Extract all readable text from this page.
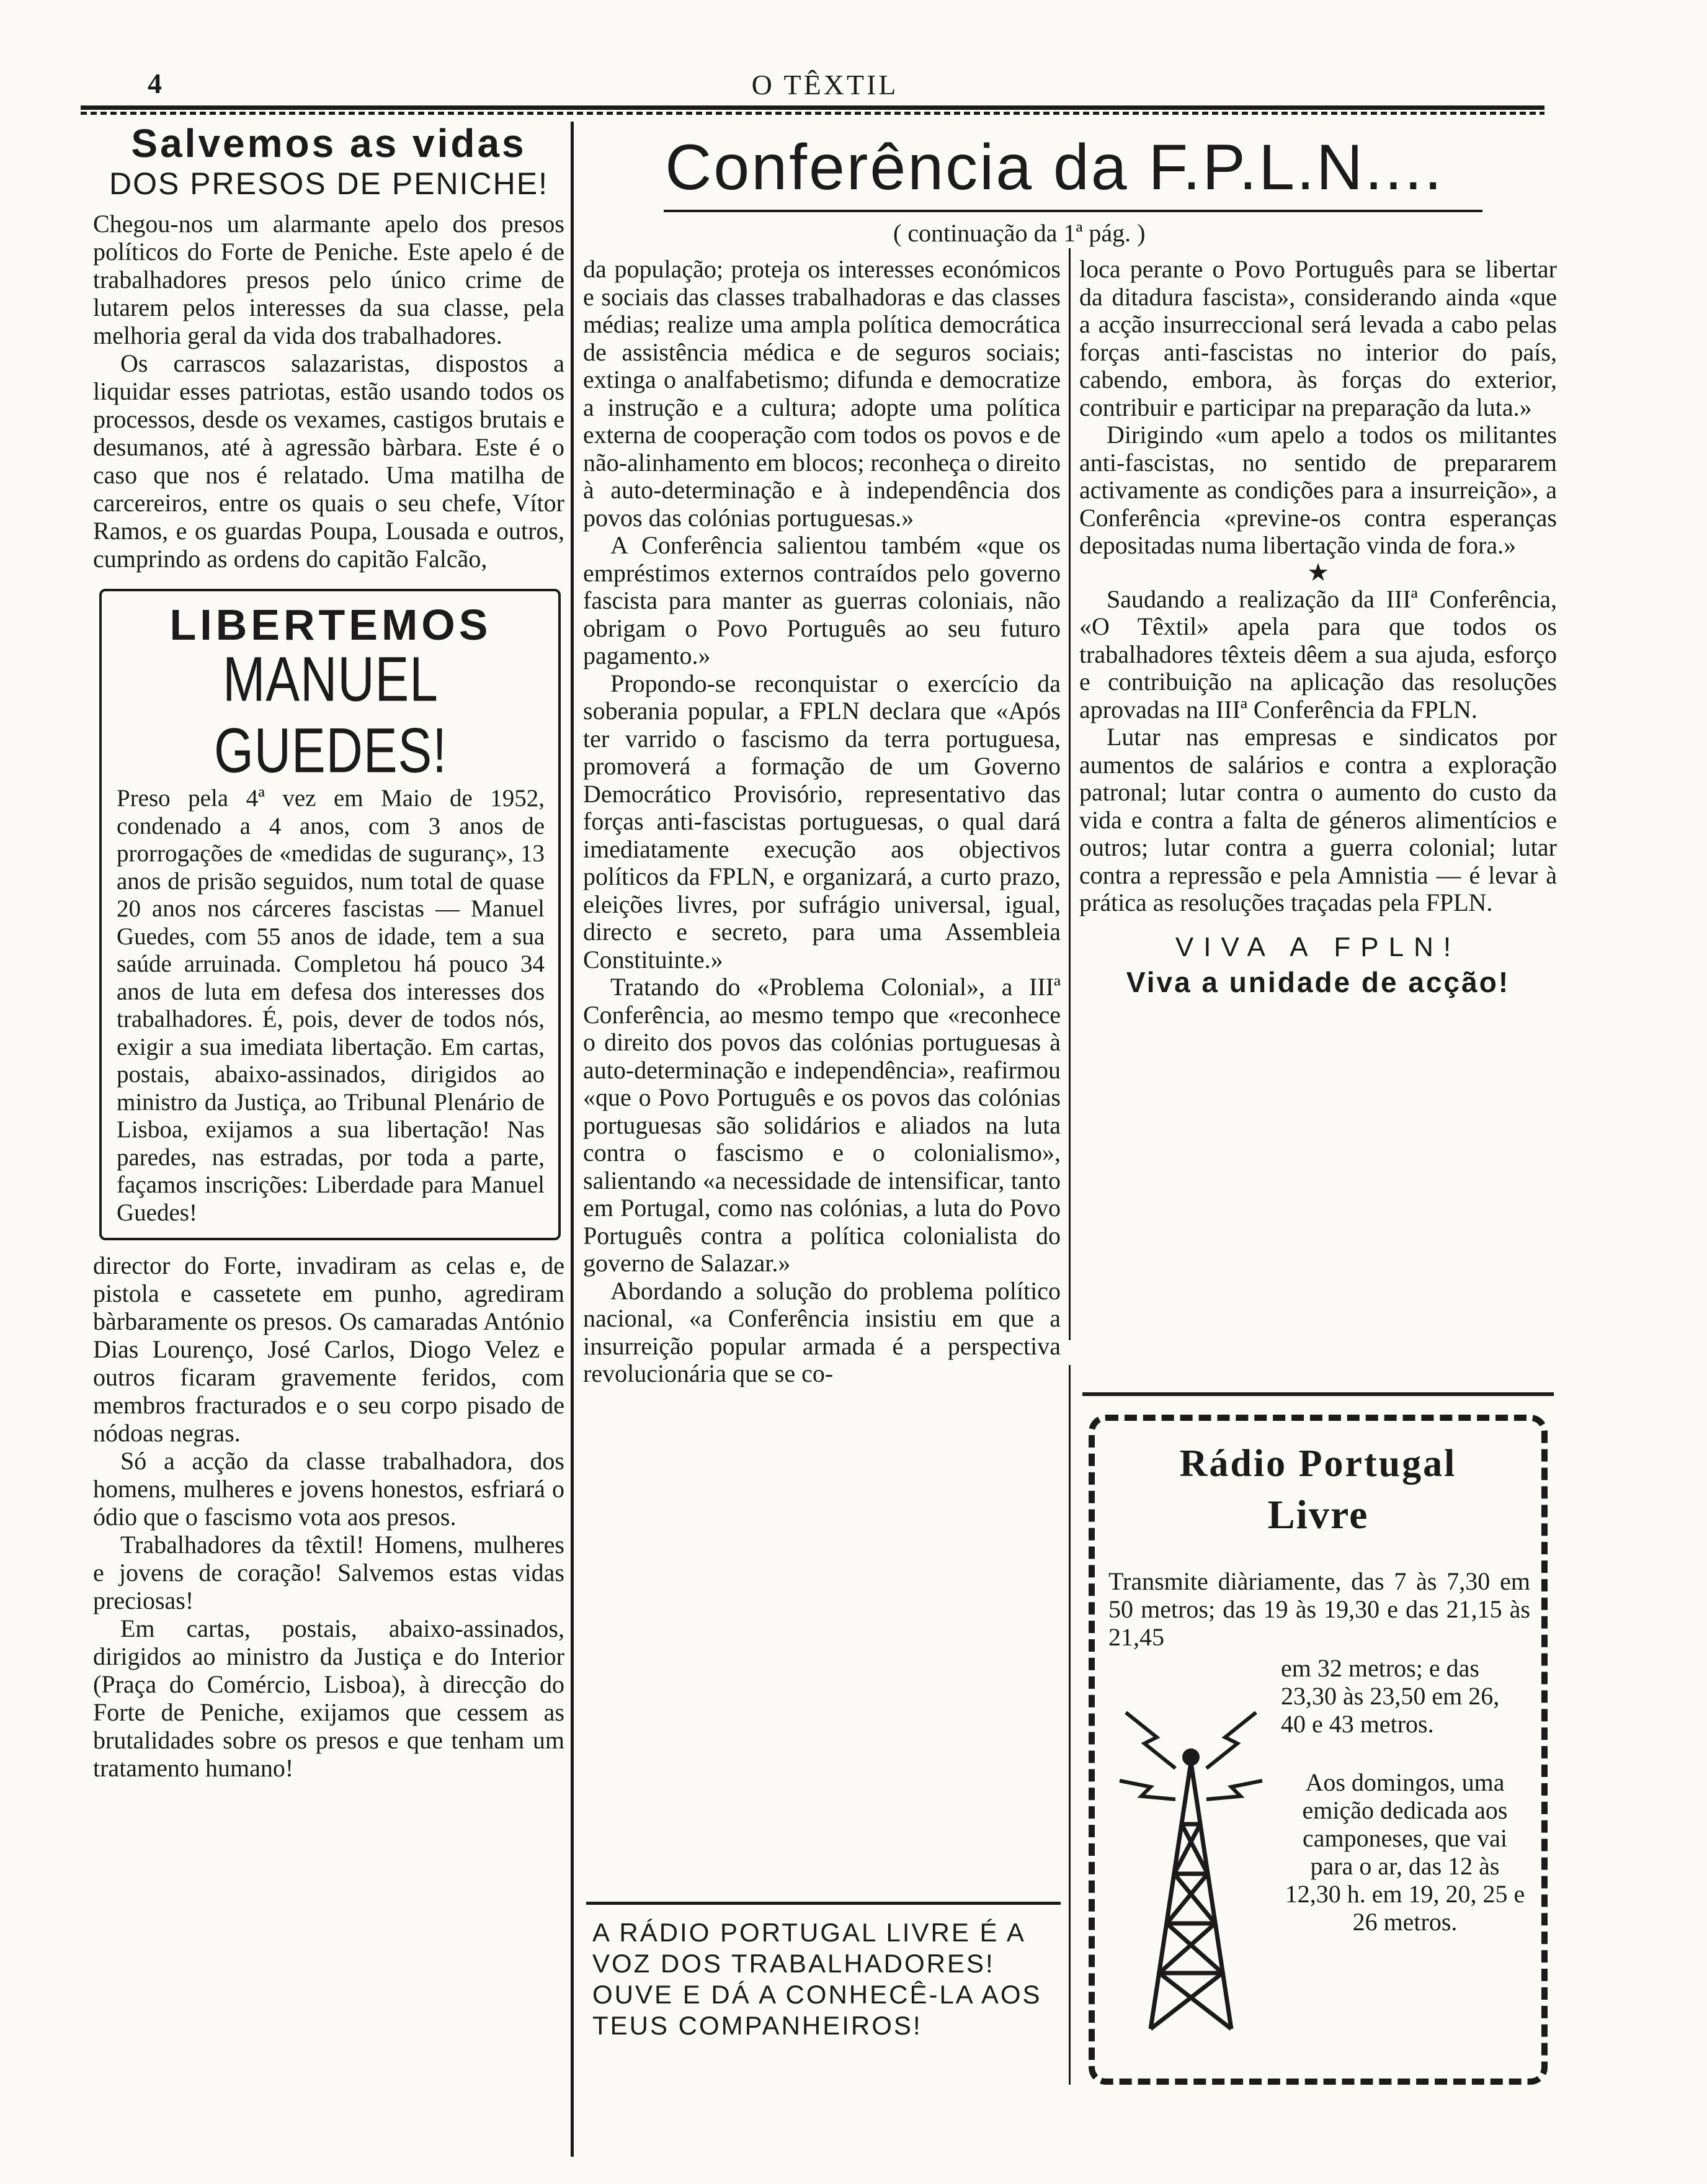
4	O TÊXTIL
Salvemos as vidas
DOS PRESOS DE PENICHE!

Chegou-nos um alarmante apelo dos presos políticos do Forte de Peniche. Este apelo é de trabalhadores presos pelo único crime de lutarem pelos interesses da sua classe, pela melhoria geral da vida dos trabalhadores.

Os carrascos salazaristas, dispostos a liquidar esses patriotas, estão usando todos os processos, desde os vexames, castigos brutais e desumanos, até à agressão bàrbara. Este é o caso que nos é relatado. Uma matilha de carcereiros, entre os quais o seu chefe, Vítor Ramos, e os guardas Poupa, Lousada e outros, cumprindo as ordens do capitão Falcão,

LIBERTEMOS
MANUEL GUEDES!

Preso pela 4ª vez em Maio de 1952, condenado a 4 anos, com 3 anos de prorrogações de «medidas de suguranç», 13 anos de prisão seguidos, num total de quase 20 anos nos cárceres fascistas — Manuel Guedes, com 55 anos de idade, tem a sua saúde arruinada. Completou há pouco 34 anos de luta em defesa dos interesses dos trabalhadores. É, pois, dever de todos nós, exigir a sua imediata libertação. Em cartas, postais, abaixo-assinados, dirigidos ao ministro da Justiça, ao Tribunal Plenário de Lisboa, exijamos a sua libertação! Nas paredes, nas estradas, por toda a parte, façamos inscrições: Liberdade para Manuel Guedes!

director do Forte, invadiram as celas e, de pistola e cassetete em punho, agrediram bàrbaramente os presos. Os camaradas António Dias Lourenço, José Carlos, Diogo Velez e outros ficaram gravemente feridos, com membros fracturados e o seu corpo pisado de nódoas negras.

Só a acção da classe trabalhadora, dos homens, mulheres e jovens honestos, esfriará o ódio que o fascismo vota aos presos.

Trabalhadores da têxtil! Homens, mulheres e jovens de coração! Salvemos estas vidas preciosas!

Em cartas, postais, abaixo-assinados, dirigidos ao ministro da Justiça e do Interior (Praça do Comércio, Lisboa), à direcção do Forte de Peniche, exijamos que cessem as brutalidades sobre os presos e que tenham um tratamento humano!

Conferência da F.P.L.N....
( continuação da 1ª pág. )

da população; proteja os interesses económicos e sociais das classes trabalhadoras e das classes médias; realize uma ampla política democrática de assistência médica e de seguros sociais; extinga o analfabetismo; difunda e democratize a instrução e a cultura; adopte uma política externa de cooperação com todos os povos e de não-alinhamento em blocos; reconheça o direito à auto-determinação e à independência dos povos das colónias portuguesas.»

A Conferência salientou também «que os empréstimos externos contraídos pelo governo fascista para manter as guerras coloniais, não obrigam o Povo Português ao seu futuro pagamento.»

Propondo-se reconquistar o exercício da soberania popular, a FPLN declara que «Após ter varrido o fascismo da terra portuguesa, promoverá a formação de um Governo Democrático Provisório, representativo das forças anti-fascistas portuguesas, o qual dará imediatamente execução aos objectivos políticos da FPLN, e organizará, a curto prazo, eleições livres, por sufrágio universal, igual, directo e secreto, para uma Assembleia Constituinte.»

Tratando do «Problema Colonial», a IIIª Conferência, ao mesmo tempo que «reconhece o direito dos povos das colónias portuguesas à auto-determinação e independência», reafirmou «que o Povo Português e os povos das colónias portuguesas são solidários e aliados na luta contra o fascismo e o colonialismo», salientando «a necessidade de intensificar, tanto em Portugal, como nas colónias, a luta do Povo Português contra a política colonialista do governo de Salazar.»

Abordando a solução do problema político nacional, «a Conferência insistiu em que a insurreição popular armada é a perspectiva revolucionária que se co-

A RÁDIO PORTUGAL LIVRE É A VOZ DOS TRABALHADORES! OUVE E DÁ A CONHECÊ-LA AOS TEUS COMPANHEIROS!

loca perante o Povo Português para se libertar da ditadura fascista», considerando ainda «que a acção insurreccional será levada a cabo pelas forças anti-fascistas no interior do país, cabendo, embora, às forças do exterior, contribuir e participar na preparação da luta.»

Dirigindo «um apelo a todos os militantes anti-fascistas, no sentido de prepararem activamente as condições para a insurreição», a Conferência «previne-os contra esperanças depositadas numa libertação vinda de fora.»

★

Saudando a realização da IIIª Conferência, «O Têxtil» apela para que todos os trabalhadores têxteis dêem a sua ajuda, esforço e contribuição na aplicação das resoluções aprovadas na IIIª Conferência da FPLN.

Lutar nas empresas e sindicatos por aumentos de salários e contra a exploração patronal; lutar contra o aumento do custo da vida e contra a falta de géneros alimentícios e outros; lutar contra a guerra colonial; lutar contra a repressão e pela Amnistia — é levar à prática as resoluções traçadas pela FPLN.

VIVA A FPLN!
Viva a unidade de acção!
Rádio Portugal
Livre
Transmite diàriamente, das 7 às 7,30 em 50 metros; das 19 às 19,30 e das 21,15 às 21,45
em 32 metros; e das 23,30 às 23,50 em 26, 40 e 43 metros.
Aos domingos, uma emição dedicada aos camponeses, que vai para o ar, das 12 às 12,30 h. em 19, 20, 25 e 26 metros.
